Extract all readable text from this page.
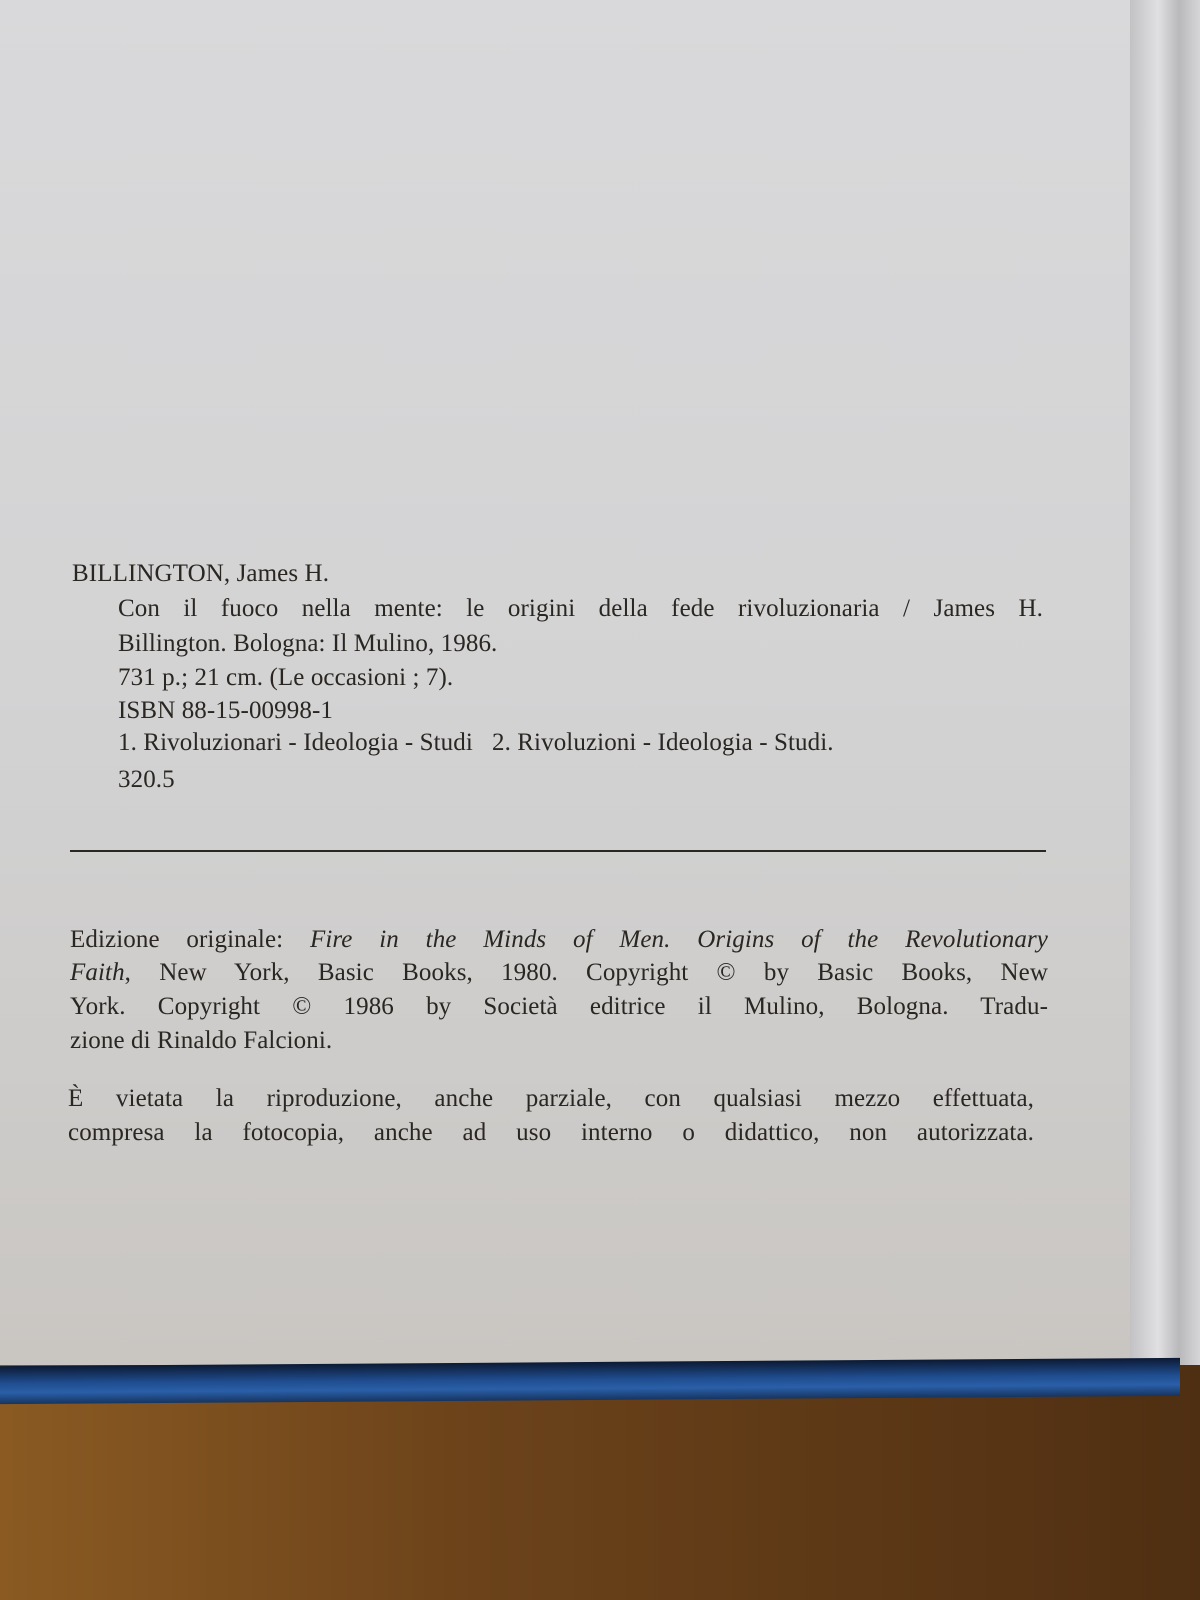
BILLINGTON, James H.
Con il fuoco nella mente: le origini della fede rivoluzionaria / James H.
Billington. Bologna: Il Mulino, 1986.
731 p.; 21 cm. (Le occasioni ; 7).
ISBN 88-15-00998-1
1. Rivoluzionari - Ideologia - Studi   2. Rivoluzioni - Ideologia - Studi.
320.5
Edizione originale: Fire in the Minds of Men. Origins of the Revolutionary
Faith, New York, Basic Books, 1980. Copyright © by Basic Books, New
York. Copyright © 1986 by Società editrice il Mulino, Bologna. Tradu-
zione di Rinaldo Falcioni.
È vietata la riproduzione, anche parziale, con qualsiasi mezzo effettuata,
compresa la fotocopia, anche ad uso interno o didattico, non autorizzata.
